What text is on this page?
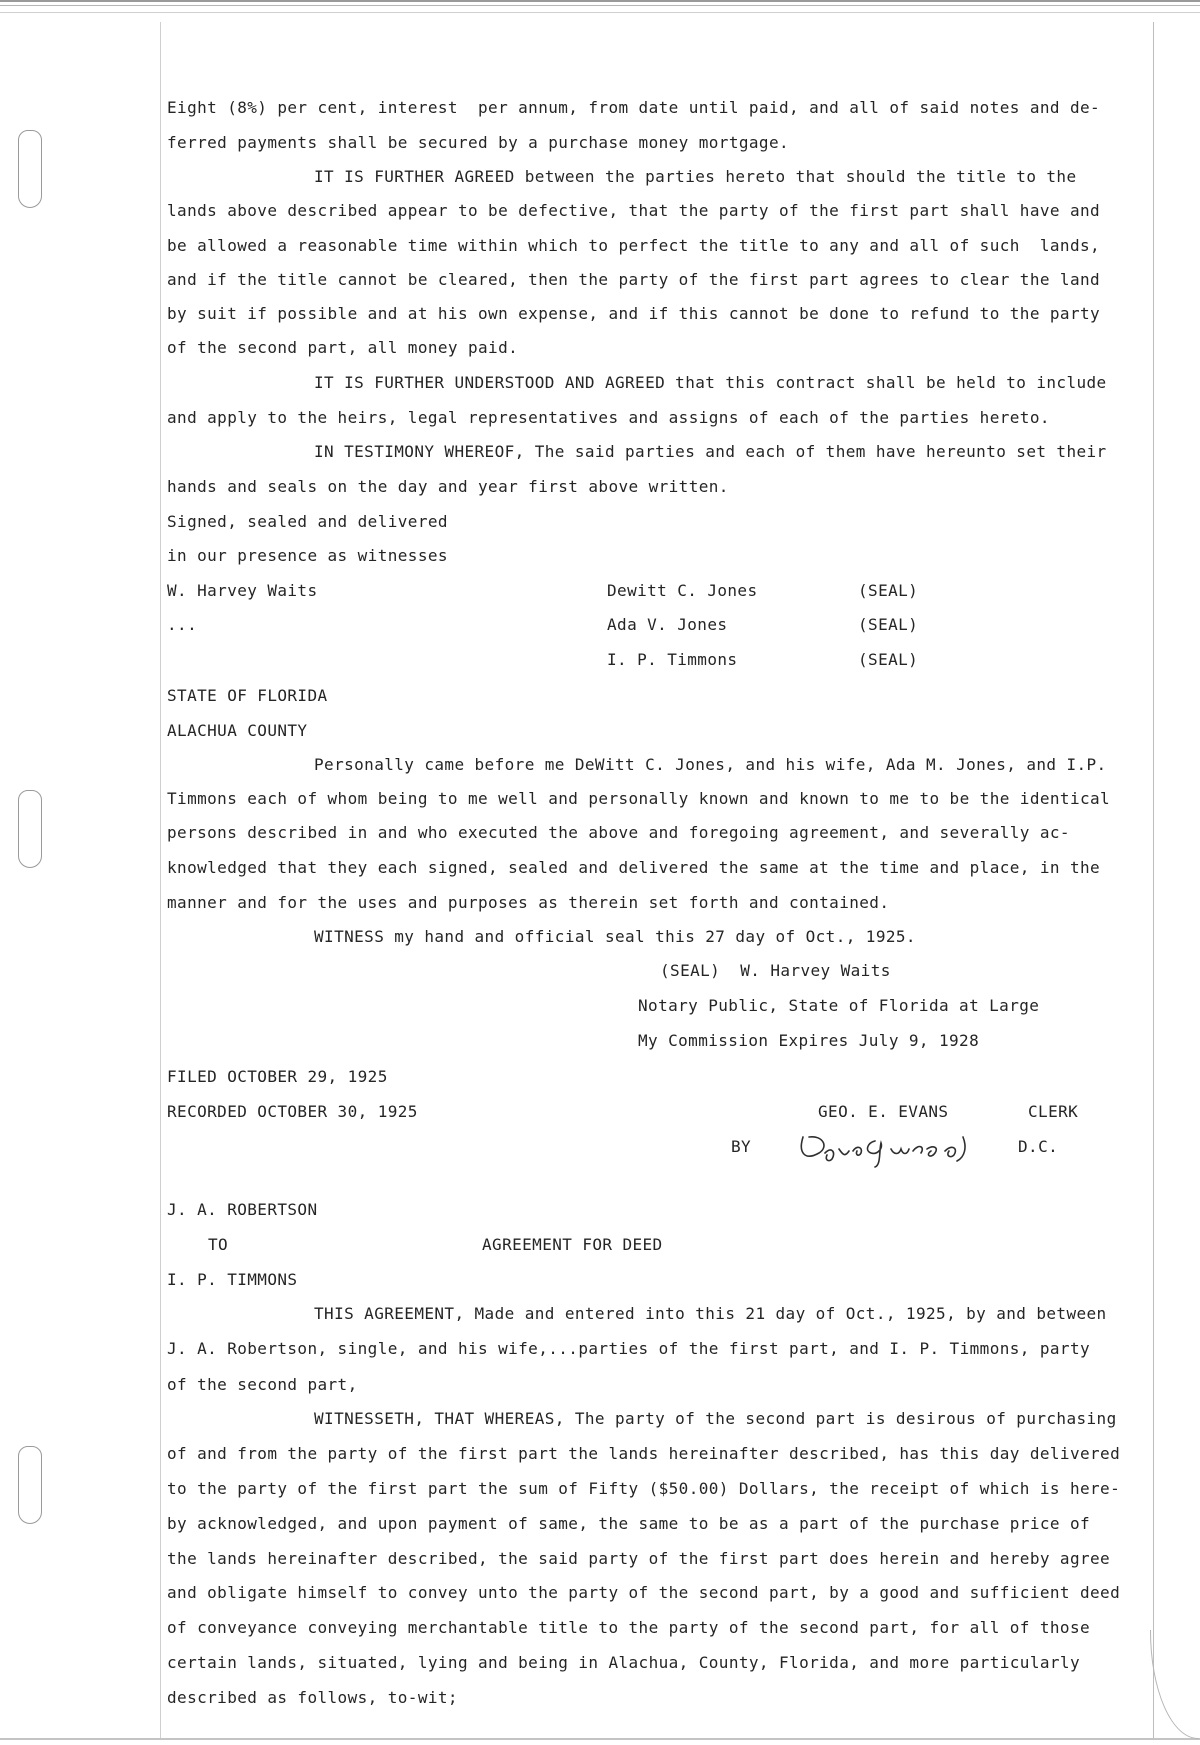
Eight (8%) per cent, interest  per annum, from date until paid, and all of said notes and de-
ferred payments shall be secured by a purchase money mortgage.
IT IS FURTHER AGREED between the parties hereto that should the title to the
lands above described appear to be defective, that the party of the first part shall have and
be allowed a reasonable time within which to perfect the title to any and all of such  lands,
and if the title cannot be cleared, then the party of the first part agrees to clear the land
by suit if possible and at his own expense, and if this cannot be done to refund to the party
of the second part, all money paid.
IT IS FURTHER UNDERSTOOD AND AGREED that this contract shall be held to include
and apply to the heirs, legal representatives and assigns of each of the parties hereto.
IN TESTIMONY WHEREOF, The said parties and each of them have hereunto set their
hands and seals on the day and year first above written.
Signed, sealed and delivered
in our presence as witnesses
W. Harvey Waits
...
Dewitt C. Jones	(SEAL)
Ada V. Jones	(SEAL)
I. P. Timmons	(SEAL)
STATE OF FLORIDA
ALACHUA COUNTY
Personally came before me DeWitt C. Jones, and his wife, Ada M. Jones, and I.P.
Timmons each of whom being to me well and personally known and known to me to be the identical
persons described in and who executed the above and foregoing agreement, and severally ac-
knowledged that they each signed, sealed and delivered the same at the time and place, in the
manner and for the uses and purposes as therein set forth and contained.
WITNESS my hand and official seal this 27 day of Oct., 1925.
(SEAL)  W. Harvey Waits
Notary Public, State of Florida at Large
My Commission Expires July 9, 1928
FILED OCTOBER 29, 1925
RECORDED OCTOBER 30, 1925	GEO. E. EVANS	CLERK
BY	D.C.
J. A. ROBERTSON
TO	AGREEMENT FOR DEED
I. P. TIMMONS
THIS AGREEMENT, Made and entered into this 21 day of Oct., 1925, by and between
J. A. Robertson, single, and his wife,...parties of the first part, and I. P. Timmons, party
of the second part,
WITNESSETH, THAT WHEREAS, The party of the second part is desirous of purchasing
of and from the party of the first part the lands hereinafter described, has this day delivered
to the party of the first part the sum of Fifty ($50.00) Dollars, the receipt of which is here-
by acknowledged, and upon payment of same, the same to be as a part of the purchase price of
the lands hereinafter described, the said party of the first part does herein and hereby agree
and obligate himself to convey unto the party of the second part, by a good and sufficient deed
of conveyance conveying merchantable title to the party of the second part, for all of those
certain lands, situated, lying and being in Alachua, County, Florida, and more particularly
described as follows, to-wit;
